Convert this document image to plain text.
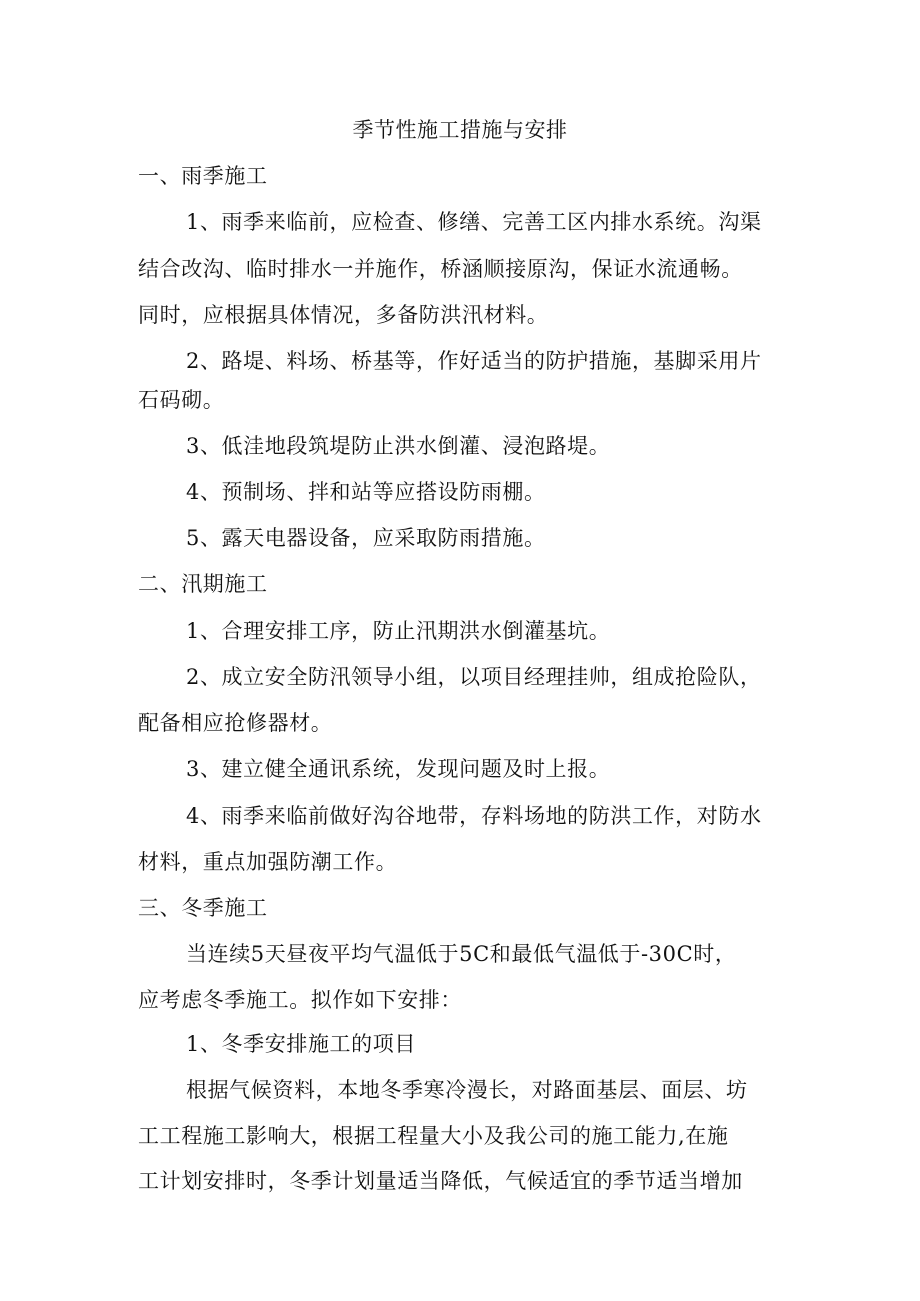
季节性施工措施与安排
一、雨季施工
1、雨季来临前，应检查、修缮、完善工区内排水系统。沟渠
结合改沟、临时排水一并施作，桥涵顺接原沟，保证水流通畅。
同时，应根据具体情况，多备防洪汛材料。
2、路堤、料场、桥基等，作好适当的防护措施，基脚采用片
石码砌。
3、低洼地段筑堤防止洪水倒灌、浸泡路堤。
4、预制场、拌和站等应搭设防雨棚。
5、露天电器设备，应采取防雨措施。
二、汛期施工
1、合理安排工序，防止汛期洪水倒灌基坑。
2、成立安全防汛领导小组，以项目经理挂帅，组成抢险队，
配备相应抢修器材。
3、建立健全通讯系统，发现问题及时上报。
4、雨季来临前做好沟谷地带，存料场地的防洪工作，对防水
材料，重点加强防潮工作。
三、冬季施工
当连续5天昼夜平均气温低于5C和最低气温低于-30C时，
应考虑冬季施工。拟作如下安排：
1、冬季安排施工的项目
根据气候资料，本地冬季寒冷漫长，对路面基层、面层、坊
工工程施工影响大，根据工程量大小及我公司的施工能力,在施
工计划安排时，冬季计划量适当降低，气候适宜的季节适当增加
